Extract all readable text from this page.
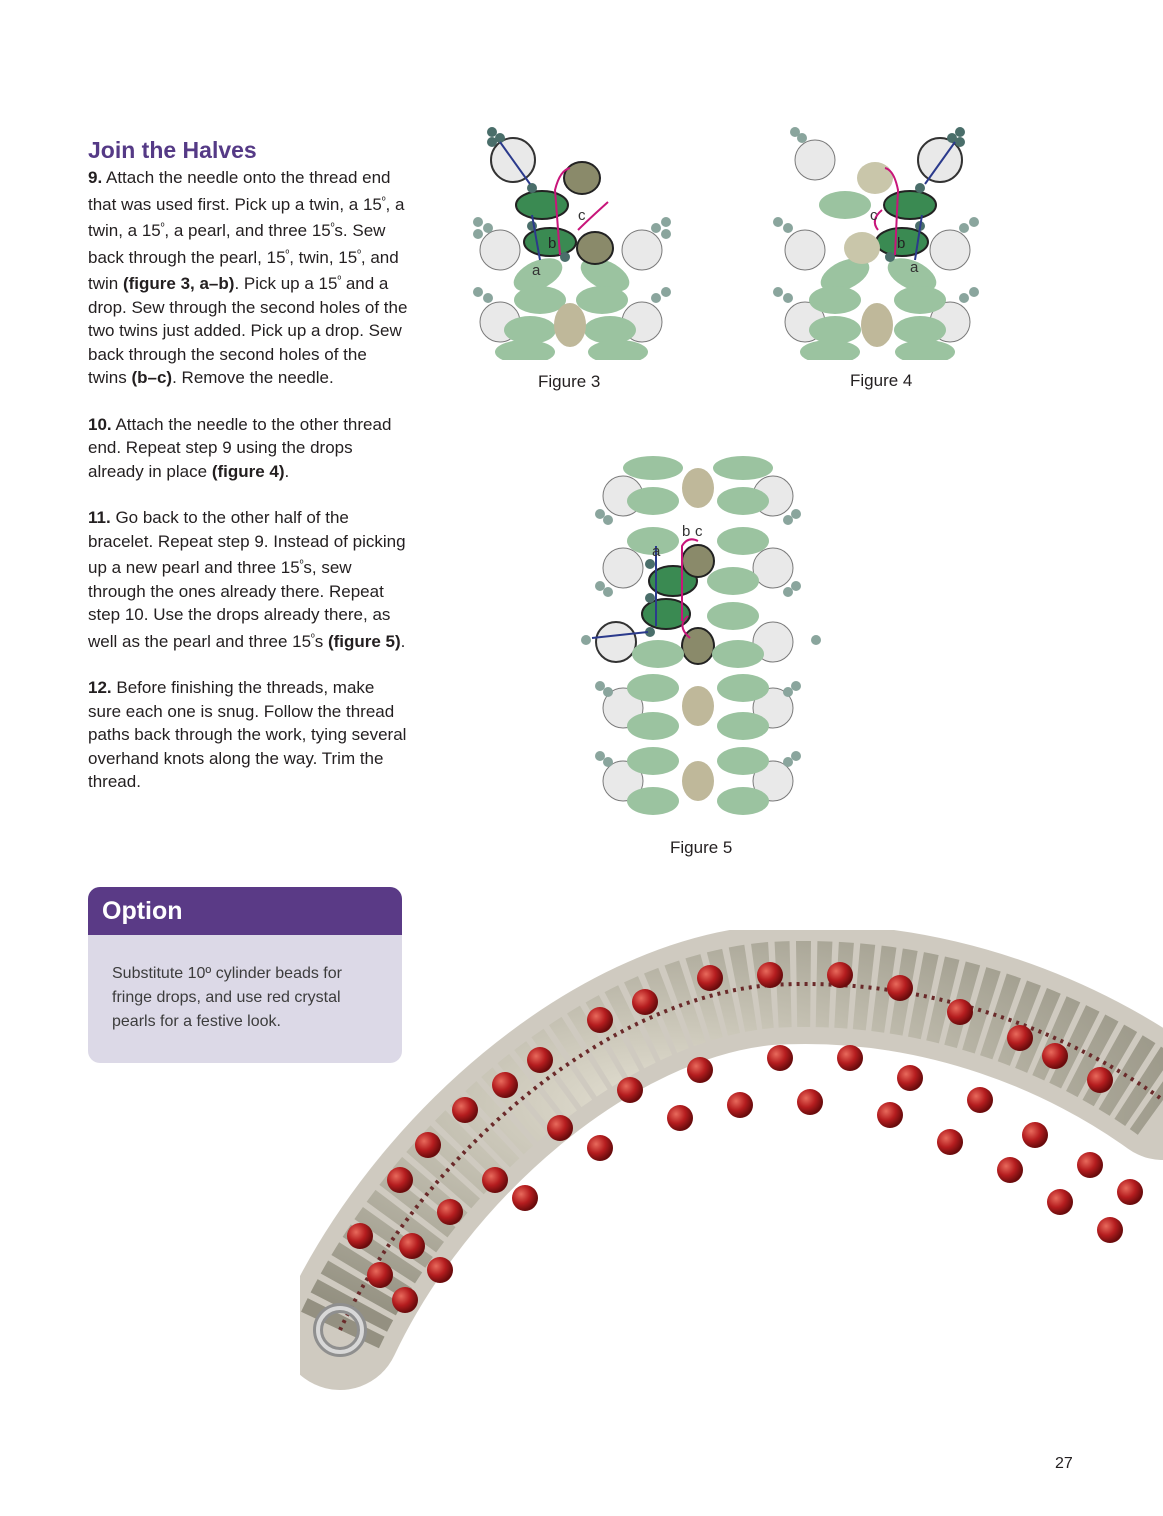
Join the Halves
9. Attach the needle onto the thread end that was used first. Pick up a twin, a $15^º$, a twin, a $15^º$, a pearl, and three $15^ºs$. Sew back through the pearl, $15^º$, twin, $15^º$, and twin (figure 3, a–b). Pick up a $15^º$ and a drop. Sew through the second holes of the two twins just added. Pick up a drop. Sew back through the second holes of the twins (b–c). Remove the needle.
10. Attach the needle to the other thread end. Repeat step 9 using the drops already in place (figure 4).
11. Go back to the other half of the bracelet. Repeat step 9. Instead of picking up a new pearl and three $15^ºs$, sew through the ones already there. Repeat step 10. Use the drops already there, as well as the pearl and three $15^ºs$ (figure 5).
12. Before finishing the threads, make sure each one is snug. Follow the thread paths back through the work, tying several overhand knots along the way. Trim the thread.
Option
Substitute 10º cylinder beads for fringe drops, and use red crystal pearls for a festive look.
a
b
c
Figure 3
a
b
c
Figure 4
a
b c
Figure 5
27
